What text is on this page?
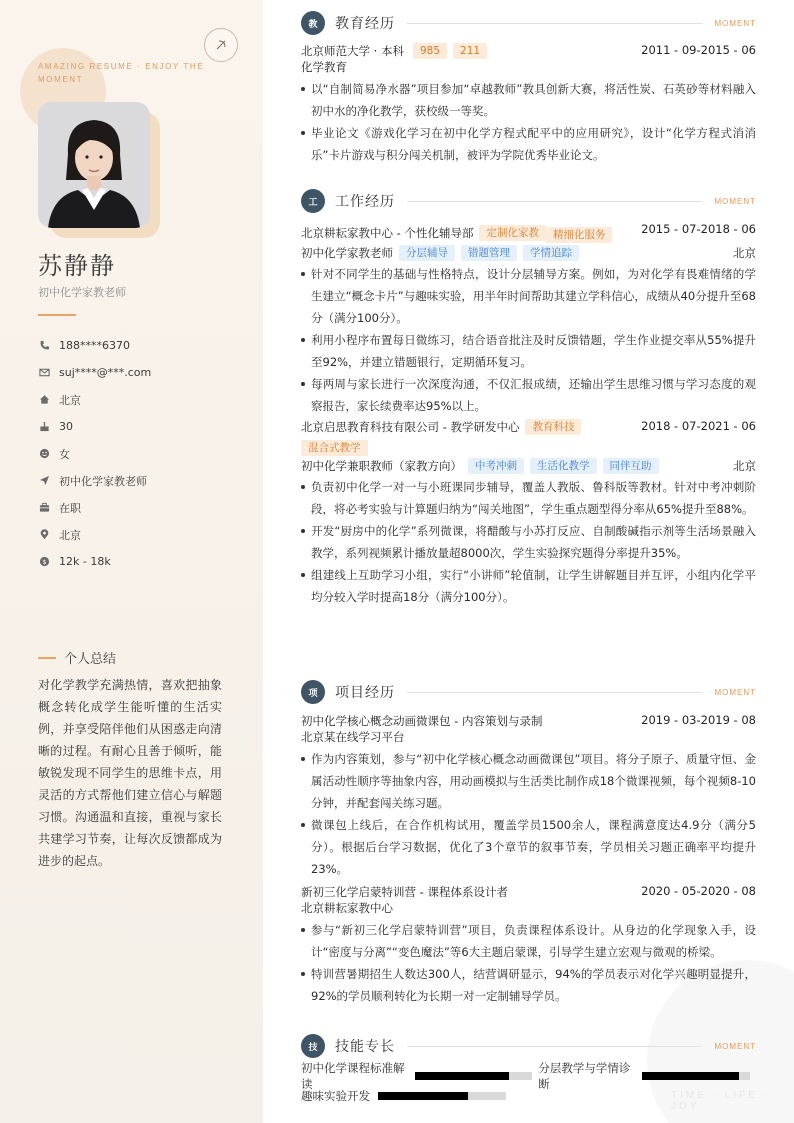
AMAZING RESUME · ENJOY THE MOMENT
苏静静
初中化学家教老师
188****6370
suj****@***.com
北京
30
女
初中化学家教老师
在职
北京
$ 12k - 18k
个人总结

对化学教学充满热情，喜欢把抽象概念转化成学生能听懂的生活实例，并享受陪伴他们从困惑走向清晰的过程。有耐心且善于倾听，能敏锐发现不同学生的思维卡点，用灵活的方式帮他们建立信心与解题习惯。沟通温和直接，重视与家长共建学习节奏，让每次反馈都成为进步的起点。

TIME · LIFE · JOY
教	教育经历	MOMENT
北京师范大学 · 本科	985	211	2011 - 09-2015 - 06
化学教育
以“自制简易净水器”项目参加“卓越教师”教具创新大赛，将活性炭、石英砂等材料融入初中水的净化教学，获校级一等奖。
毕业论文《游戏化学习在初中化学方程式配平中的应用研究》，设计“化学方程式消消乐”卡片游戏与积分闯关机制，被评为学院优秀毕业论文。
工	工作经历	MOMENT
北京耕耘家教中心 - 个性化辅导部	定制化家教	精细化服务	2015 - 07-2018 - 06
初中化学家教老师	分层辅导	错题管理	学情追踪	北京
针对不同学生的基础与性格特点，设计分层辅导方案。例如，为对化学有畏难情绪的学生建立“概念卡片”与趣味实验，用半年时间帮助其建立学科信心，成绩从40分提升至68分（满分100分）。
利用小程序布置每日微练习，结合语音批注及时反馈错题，学生作业提交率从55%提升至92%，并建立错题银行，定期循环复习。
每两周与家长进行一次深度沟通，不仅汇报成绩，还输出学生思维习惯与学习态度的观察报告，家长续费率达95%以上。
北京启思教育科技有限公司 - 教学研发中心	教育科技
混合式教学
2018 - 07-2021 - 06
初中化学兼职教师（家教方向）	中考冲刺	生活化教学	同伴互助	北京
负责初中化学一对一与小班课同步辅导，覆盖人教版、鲁科版等教材。针对中考冲刺阶段，将必考实验与计算题归纳为“闯关地图”，学生重点题型得分率从65%提升至88%。
开发“厨房中的化学”系列微课，将醋酸与小苏打反应、自制酸碱指示剂等生活场景融入教学，系列视频累计播放量超8000次，学生实验探究题得分率提升35%。
组建线上互助学习小组，实行“小讲师”轮值制，让学生讲解题目并互评，小组内化学平均分较入学时提高18分（满分100分）。
项	项目经历	MOMENT
初中化学核心概念动画微课包 - 内容策划与录制	2019 - 03-2019 - 08
北京某在线学习平台
作为内容策划，参与“初中化学核心概念动画微课包”项目。将分子原子、质量守恒、金属活动性顺序等抽象内容，用动画模拟与生活类比制作成18个微课视频，每个视频8-10分钟，并配套闯关练习题。
微课包上线后，在合作机构试用，覆盖学员1500余人，课程满意度达4.9分（满分5分）。根据后台学习数据，优化了3个章节的叙事节奏，学员相关习题正确率平均提升23%。
新初三化学启蒙特训营 - 课程体系设计者	2020 - 05-2020 - 08
北京耕耘家教中心
参与“新初三化学启蒙特训营”项目，负责课程体系设计。从身边的化学现象入手，设计“密度与分离”“变色魔法”等6大主题启蒙课，引导学生建立宏观与微观的桥梁。
特训营暑期招生人数达300人，结营调研显示，94%的学员表示对化学兴趣明显提升，92%的学员顺利转化为长期一对一定制辅导学员。
技	技能专长	MOMENT
初中化学课程标准解读
分层教学与学情诊断
趣味实验开发
